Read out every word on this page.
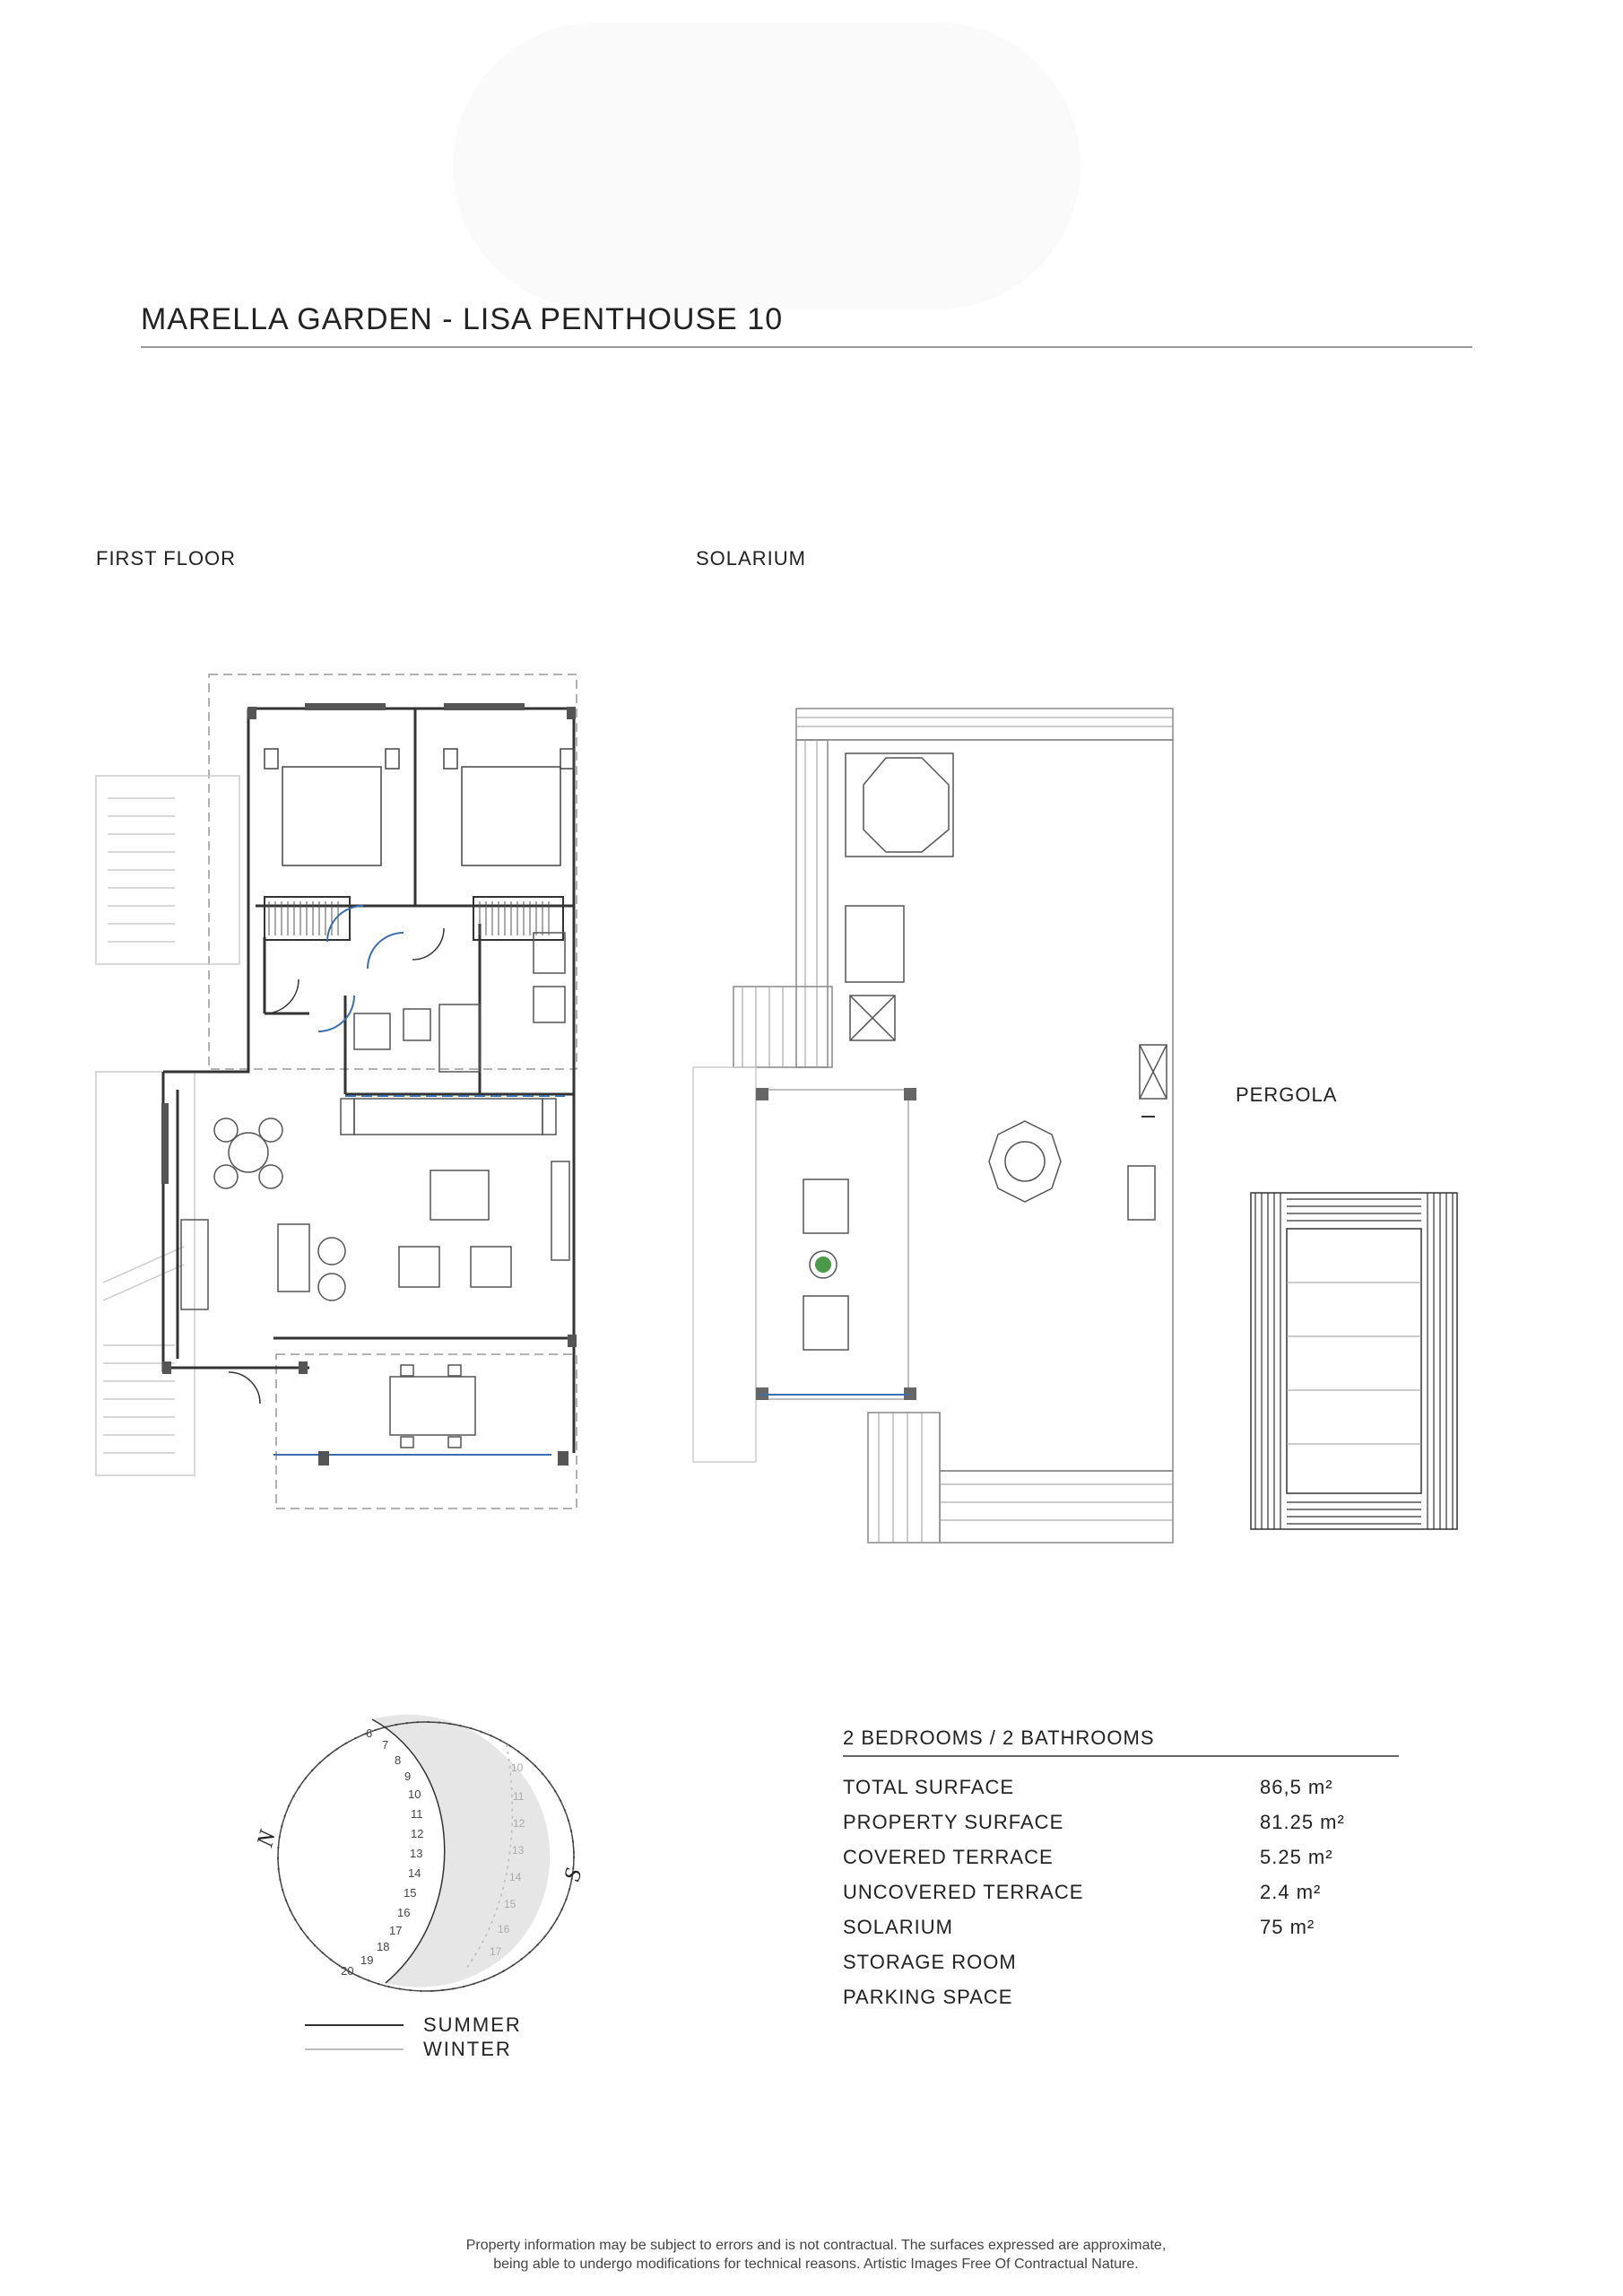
MARELLA GARDEN - LISA PENTHOUSE 10
FIRST FLOOR	SOLARIUM
PERGOLA
N
S
6
7
8
9
10
11
12
13
14
15
16
17
18
19
20
10
11
12
13
14
15
16
17
SUMMER
WINTER
2 BEDROOMS / 2 BATHROOMS
TOTAL SURFACE	86,5 m²
PROPERTY SURFACE	81.25 m²
COVERED TERRACE	5.25 m²
UNCOVERED TERRACE	2.4 m²
SOLARIUM	75 m²
STORAGE ROOM
PARKING SPACE
Property information may be subject to errors and is not contractual. The surfaces expressed are approximate,
being able to undergo modifications for technical reasons. Artistic Images Free Of Contractual Nature.
